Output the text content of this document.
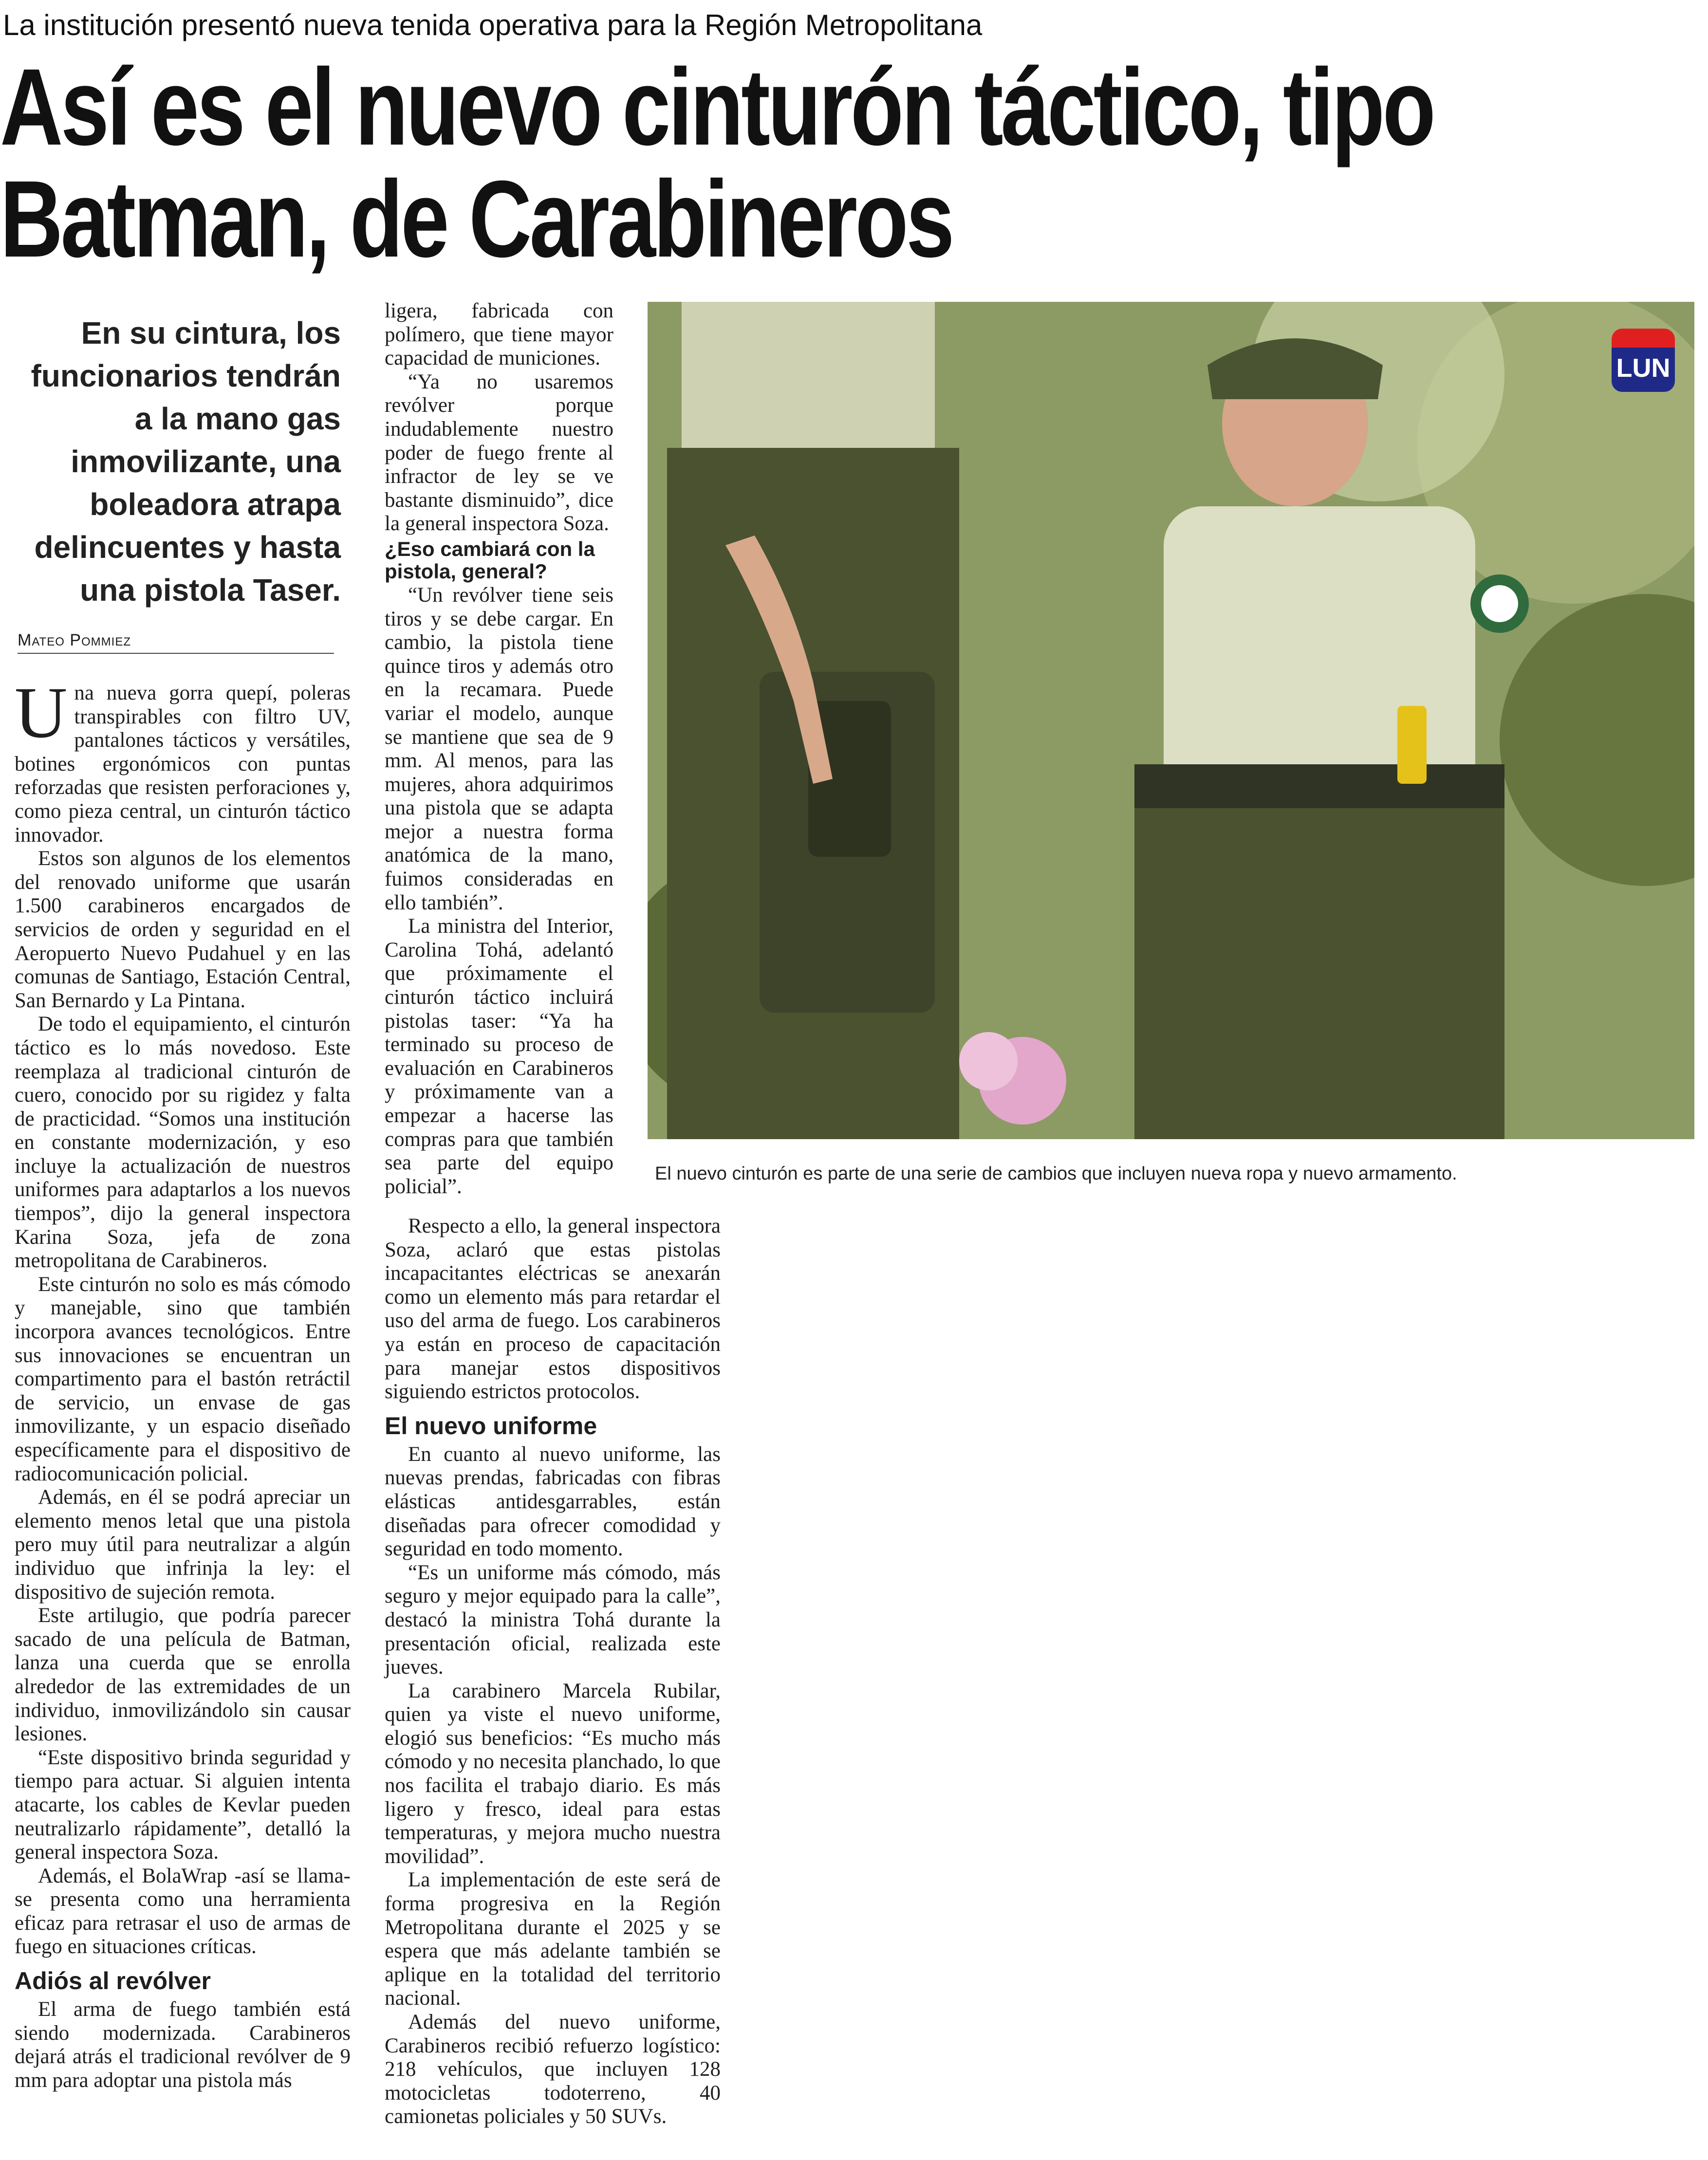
La institución presentó nueva tenida operativa para la Región Metropolitana
Así es el nuevo cinturón táctico, tipo
Batman, de Carabineros
En su cintura, los funcionarios tendrán a la mano gas inmovilizante, una boleadora atrapa delincuentes y hasta una pistola Taser.
Mateo Pommiez

Una nueva gorra quepí, poleras transpirables con filtro UV, pantalones tácticos y versátiles, botines ergonómicos con puntas reforzadas que resisten perforaciones y, como pieza central, un cinturón táctico innovador.

Estos son algunos de los elementos del renovado uniforme que usarán 1.500 carabineros encargados de servicios de orden y seguridad en el Aeropuerto Nuevo Pudahuel y en las comunas de Santiago, Estación Central, San Bernardo y La Pintana.

De todo el equipamiento, el cinturón táctico es lo más novedoso. Este reemplaza al tradicional cinturón de cuero, conocido por su rigidez y falta de practicidad. “Somos una institución en constante modernización, y eso incluye la actualización de nuestros uniformes para adaptarlos a los nuevos tiempos”, dijo la general inspectora Karina Soza, jefa de zona metropolitana de Carabineros.

Este cinturón no solo es más cómodo y manejable, sino que también incorpora avances tecnológicos. Entre sus innovaciones se encuentran un compartimento para el bastón retráctil de servicio, un envase de gas inmovilizante, y un espacio diseñado específicamente para el dispositivo de radiocomunicación policial.

Además, en él se podrá apreciar un elemento menos letal que una pistola pero muy útil para neutralizar a algún individuo que infrinja la ley: el dispositivo de sujeción remota.

Este artilugio, que podría parecer sacado de una película de Batman, lanza una cuerda que se enrolla alrededor de las extremidades de un individuo, inmovilizándolo sin causar lesiones.

“Este dispositivo brinda seguridad y tiempo para actuar. Si alguien intenta atacarte, los cables de Kevlar pueden neutralizarlo rápidamente”, detalló la general inspectora Soza.

Además, el BolaWrap -así se llama- se presenta como una herramienta eficaz para retrasar el uso de armas de fuego en situaciones críticas.

Adiós al revólver

El arma de fuego también está siendo modernizada. Carabineros dejará atrás el tradicional revólver de 9 mm para adoptar una pistola más

ligera, fabricada con polímero, que tiene mayor capacidad de municiones.

“Ya no usaremos revólver porque indudablemente nuestro poder de fuego frente al infractor de ley se ve bastante disminuido”, dice la general inspectora Soza.

¿Eso cambiará con la pistola, general?

“Un revólver tiene seis tiros y se debe cargar. En cambio, la pistola tiene quince tiros y además otro en la recamara. Puede variar el modelo, aunque se mantiene que sea de 9 mm. Al menos, para las mujeres, ahora adquirimos una pistola que se adapta mejor a nuestra forma anatómica de la mano, fuimos consideradas en ello también”.

La ministra del Interior, Carolina Tohá, adelantó que próximamente el cinturón táctico incluirá pistolas taser: “Ya ha terminado su proceso de evaluación en Carabineros y próximamente van a empezar a hacerse las compras para que también sea parte del equipo policial”.

Respecto a ello, la general inspectora Soza, aclaró que estas pistolas incapacitantes eléctricas se anexarán como un elemento más para retardar el uso del arma de fuego. Los carabineros ya están en proceso de capacitación para manejar estos dispositivos siguiendo estrictos protocolos.

El nuevo uniforme

En cuanto al nuevo uniforme, las nuevas prendas, fabricadas con fibras elásticas antidesgarrables, están diseñadas para ofrecer comodidad y seguridad en todo momento.

“Es un uniforme más cómodo, más seguro y mejor equipado para la calle”, destacó la ministra Tohá durante la presentación oficial, realizada este jueves.

La carabinero Marcela Rubilar, quien ya viste el nuevo uniforme, elogió sus beneficios: “Es mucho más cómodo y no necesita planchado, lo que nos facilita el trabajo diario. Es más ligero y fresco, ideal para estas temperaturas, y mejora mucho nuestra movilidad”.

La implementación de este será de forma progresiva en la Región Metropolitana durante el 2025 y se espera que más adelante también se aplique en la totalidad del territorio nacional.

Además del nuevo uniforme, Carabineros recibió refuerzo logístico: 218 vehículos, que incluyen 128 motocicletas todoterreno, 40 camionetas policiales y 50 SUVs.

LUN
El nuevo cinturón es parte de una serie de cambios que incluyen nueva ropa y nuevo armamento.
